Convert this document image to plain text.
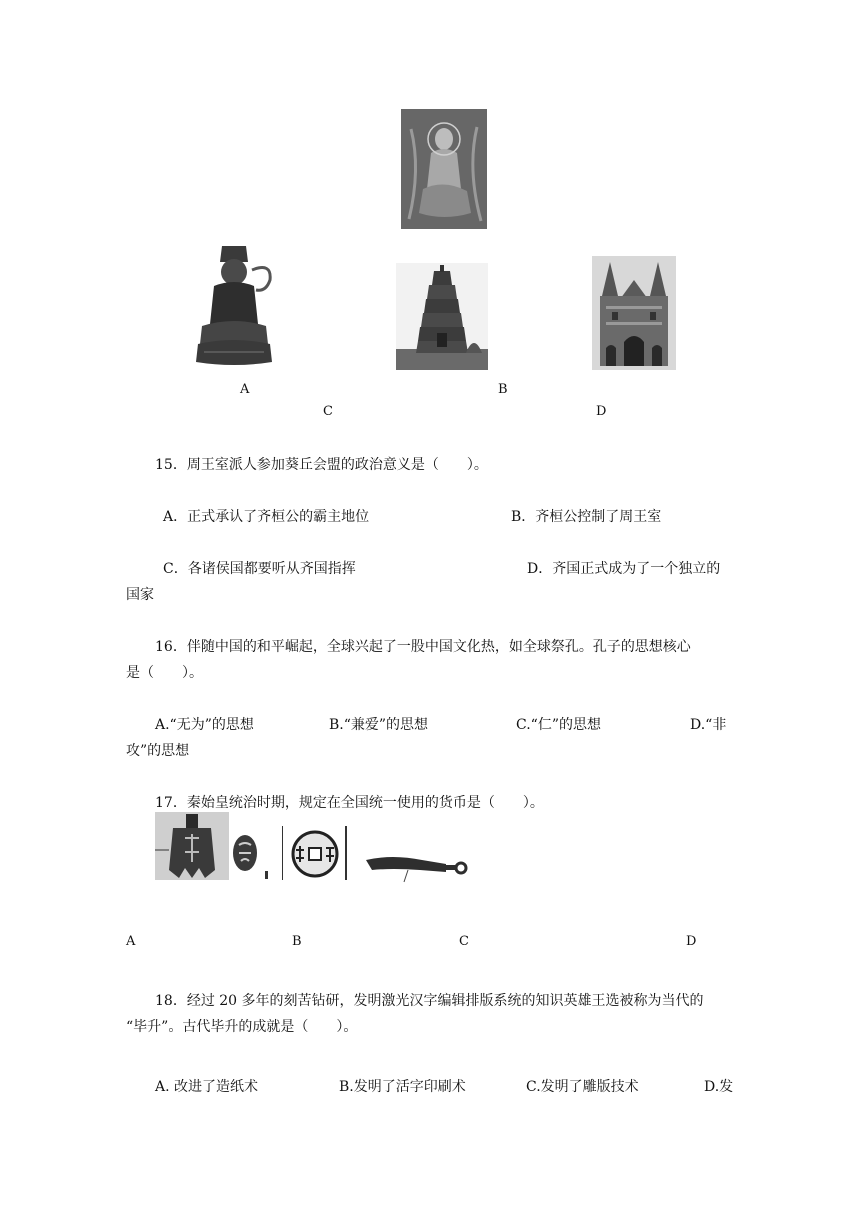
A	B
C	D
15．周王室派人参加葵丘会盟的政治意义是（　　）。
A．正式承认了齐桓公的霸主地位	B．齐桓公控制了周王室
C．各诸侯国都要听从齐国指挥	D．齐国正式成为了一个独立的
国家
16．伴随中国的和平崛起，全球兴起了一股中国文化热，如全球祭孔。孔子的思想核心
是（　　）。
A.“无为”的思想	B.“兼爱”的思想	C.“仁”的思想	D.“非
攻”的思想
17．秦始皇统治时期，规定在全国统一使用的货币是（　　）。
A	B	C	D
18．经过 20 多年的刻苦钻研，发明激光汉字编辑排版系统的知识英雄王选被称为当代的
“毕升”。古代毕升的成就是（　　）。
A. 改进了造纸术	B.发明了活字印刷术	C.发明了雕版技术	D.发
